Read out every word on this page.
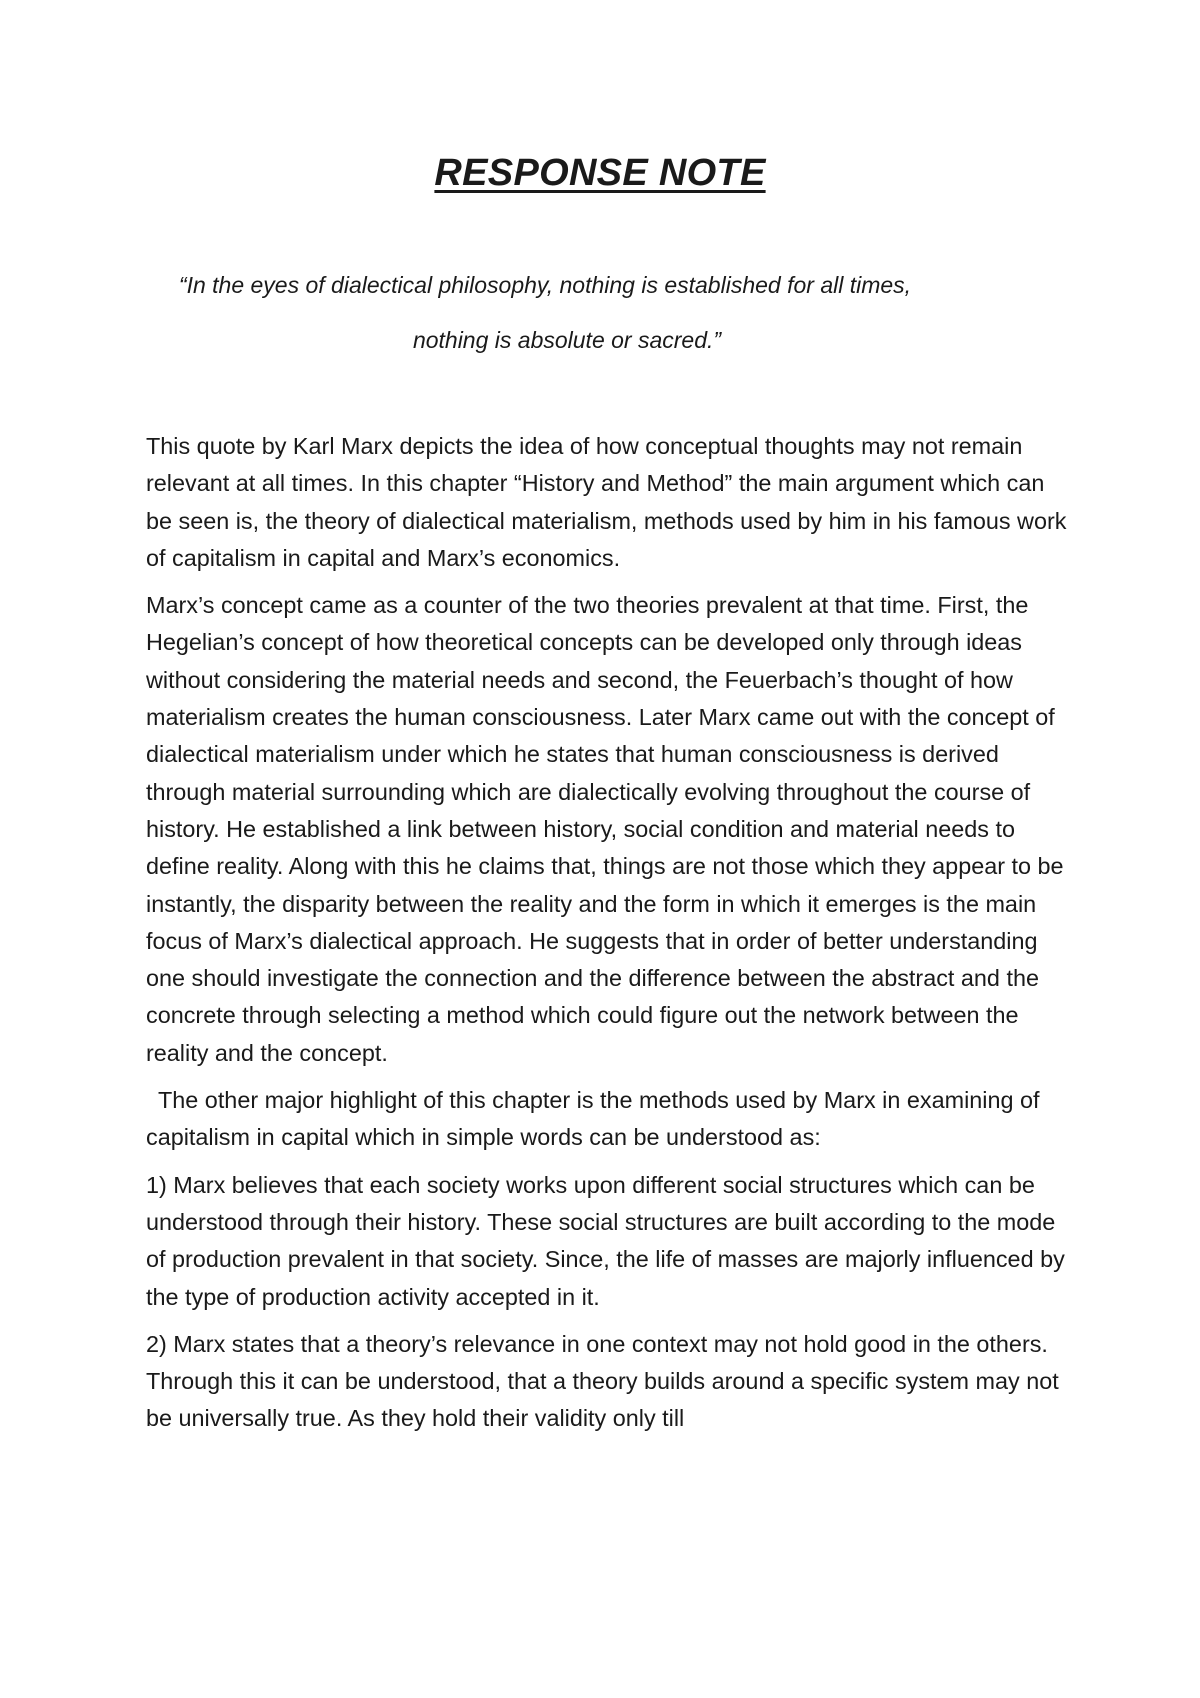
RESPONSE NOTE
“In the eyes of dialectical philosophy, nothing is established for all times,
nothing is absolute or sacred.”

This quote by Karl Marx depicts the idea of how conceptual thoughts may not remain relevant at all times. In this chapter “History and Method” the main argument which can be seen is, the theory of dialectical materialism, methods used by him in his famous work of capitalism in capital and Marx’s economics.

Marx’s concept came as a counter of the two theories prevalent at that time. First, the Hegelian’s concept of how theoretical concepts can be developed only through ideas without considering the material needs and second, the Feuerbach’s thought of how materialism creates the human consciousness. Later Marx came out with the concept of dialectical materialism under which he states that human consciousness is derived through material surrounding which are dialectically evolving throughout the course of history. He established a link between history, social condition and material needs to define reality. Along with this he claims that, things are not those which they appear to be instantly, the disparity between the reality and the form in which it emerges is the main focus of Marx’s dialectical approach. He suggests that in order of better understanding one should investigate the connection and the difference between the abstract and the concrete through selecting a method which could figure out the network between the reality and the concept.

The other major highlight of this chapter is the methods used by Marx in examining of capitalism in capital which in simple words can be understood as:

1) Marx believes that each society works upon different social structures which can be understood through their history. These social structures are built according to the mode of production prevalent in that society. Since, the life of masses are majorly influenced by the type of production activity accepted in it.

2) Marx states that a theory’s relevance in one context may not hold good in the others. Through this it can be understood, that a theory builds around a specific system may not be universally true. As they hold their validity only till
